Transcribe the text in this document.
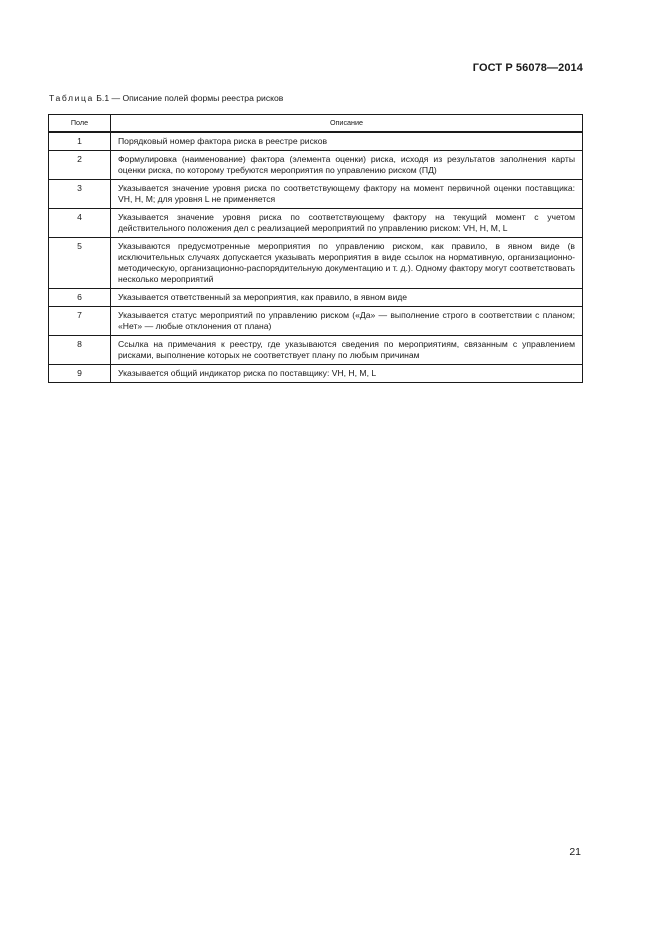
ГОСТ Р 56078—2014
Таблица Б.1 — Описание полей формы реестра рисков
Поле	Описание
1	Порядковый номер фактора риска в реестре рисков
2	Формулировка (наименование) фактора (элемента оценки) риска, исходя из результатов заполнения карты оценки риска, по которому требуются мероприятия по управлению риском (ПД)
3	Указывается значение уровня риска по соответствующему фактору на момент первичной оценки поставщика: VH, H, M; для уровня L не применяется
4	Указывается значение уровня риска по соответствующему фактору на текущий момент с учетом действительного положения дел с реализацией мероприятий по управлению риском: VH, H, M, L
5	Указываются предусмотренные мероприятия по управлению риском, как правило, в явном виде (в исключительных случаях допускается указывать мероприятия в виде ссылок на нормативную, организационно-методическую, организационно-распорядительную документацию и т. д.). Одному фактору могут соответствовать несколько мероприятий
6	Указывается ответственный за мероприятия, как правило, в явном виде
7	Указывается статус мероприятий по управлению риском («Да» — выполнение строго в соответствии с планом; «Нет» — любые отклонения от плана)
8	Ссылка на примечания к реестру, где указываются сведения по мероприятиям, связанным с управлением рисками, выполнение которых не соответствует плану по любым причинам
9	Указывается общий индикатор риска по поставщику: VH, H, M, L
21
